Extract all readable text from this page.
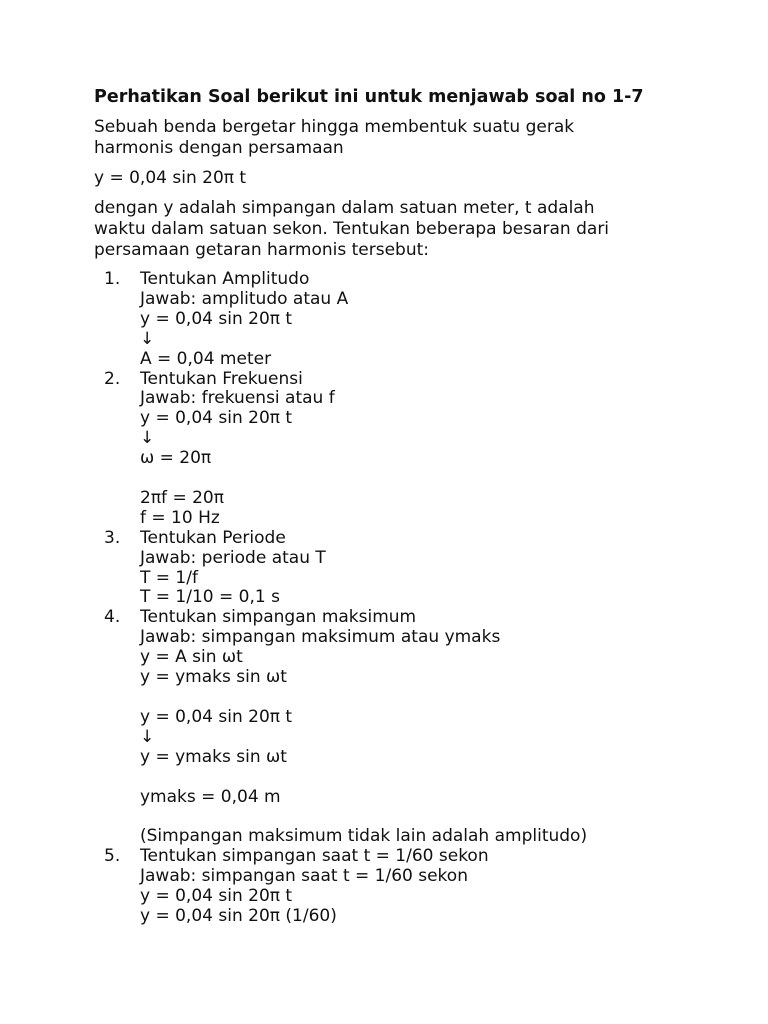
Perhatikan Soal berikut ini untuk menjawab soal no 1-7
Sebuah benda bergetar hingga membentuk suatu gerak
harmonis dengan persamaan
y = 0,04 sin 20π t
dengan y adalah simpangan dalam satuan meter, t adalah
waktu dalam satuan sekon. Tentukan beberapa besaran dari
persamaan getaran harmonis tersebut:
1. Tentukan Amplitudo
Jawab: amplitudo atau A
y = 0,04 sin 20π t
↓
A = 0,04 meter
2. Tentukan Frekuensi
Jawab: frekuensi atau f
y = 0,04 sin 20π t
↓
ω = 20π
2πf = 20π
f = 10 Hz
3. Tentukan Periode
Jawab: periode atau T
T = 1/f
T = 1/10 = 0,1 s
4. Tentukan simpangan maksimum
Jawab: simpangan maksimum atau ymaks
y = A sin ωt
y = ymaks sin ωt
y = 0,04 sin 20π t
↓
y = ymaks sin ωt
ymaks = 0,04 m
(Simpangan maksimum tidak lain adalah amplitudo)
5. Tentukan simpangan saat t = 1/60 sekon
Jawab: simpangan saat t = 1/60 sekon
y = 0,04 sin 20π t
y = 0,04 sin 20π (1/60)
